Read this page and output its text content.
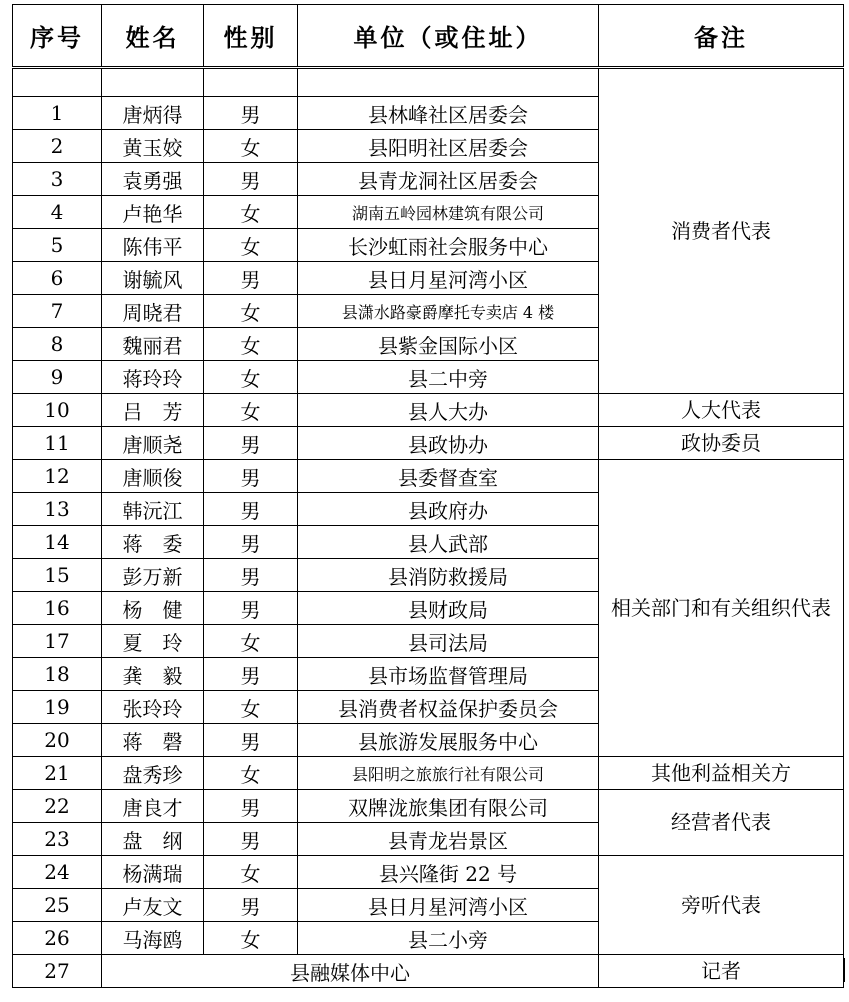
序号	姓名	性别	单位（或住址）	备注
				消费者代表
1	唐炳得	男	县林峰社区居委会	
2	黄玉姣	女	县阳明社区居委会	
3	袁勇强	男	县青龙洞社区居委会	
4	卢艳华	女	湖南五岭园林建筑有限公司	
5	陈伟平	女	长沙虹雨社会服务中心	
6	谢毓风	男	县日月星河湾小区	
7	周晓君	女	县潇水路豪爵摩托专卖店 4 楼	
8	魏丽君	女	县紫金国际小区	
9	蒋玲玲	女	县二中旁	
10	吕　芳	女	县人大办	人大代表
11	唐顺尧	男	县政协办	政协委员
12	唐顺俊	男	县委督查室	相关部门和有关组织代表
13	韩沅江	男	县政府办	
14	蒋　委	男	县人武部	
15	彭万新	男	县消防救援局	
16	杨　健	男	县财政局	
17	夏　玲	女	县司法局	
18	龚　毅	男	县市场监督管理局	
19	张玲玲	女	县消费者权益保护委员会	
20	蒋　磬	男	县旅游发展服务中心	
21	盘秀珍	女	县阳明之旅旅行社有限公司	其他利益相关方
22	唐良才	男	双牌泷旅集团有限公司	经营者代表
23	盘　纲	男	县青龙岩景区	
24	杨满瑞	女	县兴隆街 22 号	旁听代表
25	卢友文	男	县日月星河湾小区	
26	马海鸥	女	县二小旁	
27	县融媒体中心			记者
